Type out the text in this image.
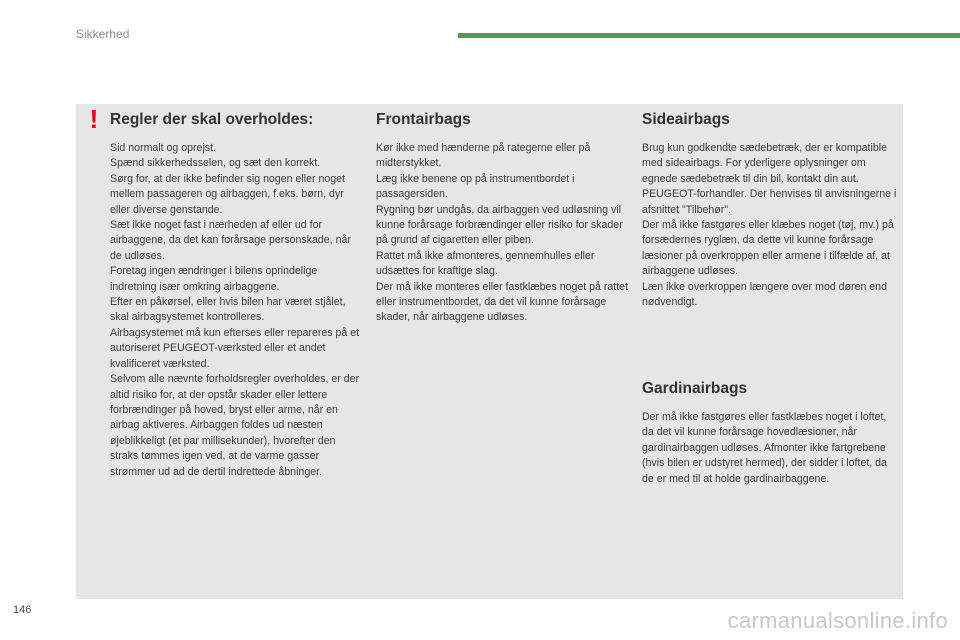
Sikkerhed
! Regler der skal overholdes:

Sid normalt og oprejst.
Spænd sikkerhedsselen, og sæt den korrekt.
Sørg for, at der ikke befinder sig nogen eller noget mellem passageren og airbaggen, f.eks. børn, dyr eller diverse genstande.
Sæt ikke noget fast i nærheden af eller ud for airbaggene, da det kan forårsage personskade, når de udløses.
Foretag ingen ændringer i bilens oprindelige indretning især omkring airbaggene.
Efter en påkørsel, eller hvis bilen har været stjålet, skal airbagsystemet kontrolleres.
Airbagsystemet må kun efterses eller repareres på et autoriseret PEUGEOT-værksted eller et andet kvalificeret værksted.
Selvom alle nævnte forholdsregler overholdes, er der altid risiko for, at der opstår skader eller lettere forbrændinger på hoved, bryst eller arme, når en airbag aktiveres. Airbaggen foldes ud næsten øjeblikkeligt (et par millisekunder), hvorefter den straks tømmes igen ved, at de varme gasser strømmer ud ad de dertil indrettede åbninger.

Frontairbags

Kør ikke med hænderne på rategerne eller på midterstykket.
Læg ikke benene op på instrumentbordet i passagersiden.
Rygning bør undgås, da airbaggen ved udløsning vil kunne forårsage forbrændinger eller risiko for skader på grund af cigaretten eller piben.
Rattet må ikke afmonteres, gennemhulles eller udsættes for kraftige slag.
Der må ikke monteres eller fastklæbes noget på rattet eller instrumentbordet, da det vil kunne forårsage skader, når airbaggene udløses.

Sideairbags

Brug kun godkendte sædebetræk, der er kompatible med sideairbags. For yderligere oplysninger om egnede sædebetræk til din bil, kontakt din aut. PEUGEOT-forhandler. Der henvises til anvisningerne i afsnittet "Tilbehør".
Der må ikke fastgøres eller klæbes noget (tøj, mv.) på forsædernes ryglæn, da dette vil kunne forårsage læsioner på overkroppen eller armene i tilfælde af, at airbaggene udløses.
Læn ikke overkroppen længere over mod døren end nødvendigt.

Gardinairbags

Der må ikke fastgøres eller fastklæbes noget i loftet, da det vil kunne forårsage hovedlæsioner, når gardinairbaggen udløses. Afmonter ikke fartgrebene (hvis bilen er udstyret hermed), der sidder i loftet, da de er med til at holde gardinairbaggene.

146	carmanualsonline.info
